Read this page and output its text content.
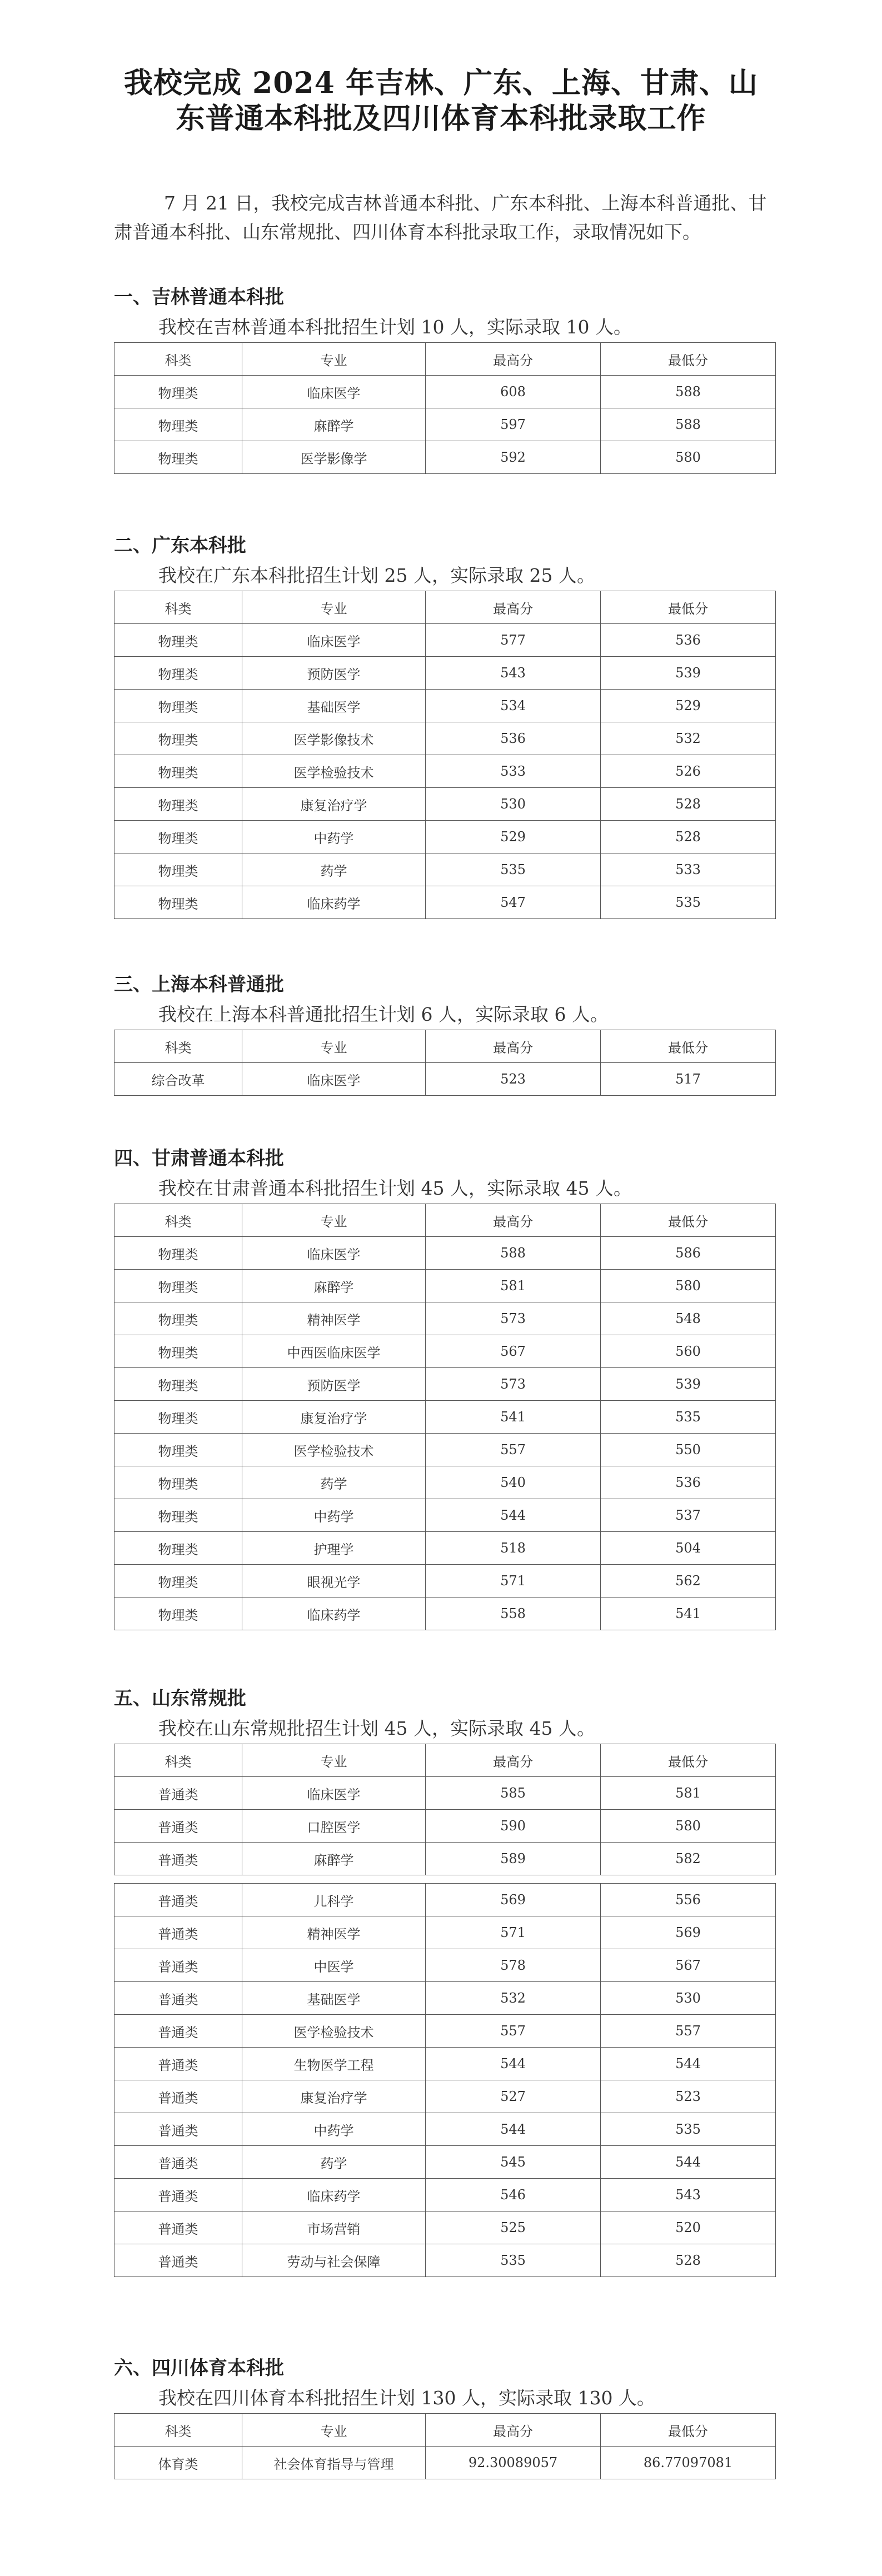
我校完成 2024 年吉林、广东、上海、甘肃、山
东普通本科批及四川体育本科批录取工作
7 月 21 日，我校完成吉林普通本科批、广东本科批、上海本科普通批、甘肃普通本科批、山东常规批、四川体育本科批录取工作，录取情况如下。
一、吉林普通本科批
我校在吉林普通本科批招生计划 10 人，实际录取 10 人。
科类	专业	最高分	最低分
物理类	临床医学	608	588
物理类	麻醉学	597	588
物理类	医学影像学	592	580
二、广东本科批
我校在广东本科批招生计划 25 人，实际录取 25 人。
科类	专业	最高分	最低分
物理类	临床医学	577	536
物理类	预防医学	543	539
物理类	基础医学	534	529
物理类	医学影像技术	536	532
物理类	医学检验技术	533	526
物理类	康复治疗学	530	528
物理类	中药学	529	528
物理类	药学	535	533
物理类	临床药学	547	535
三、上海本科普通批
我校在上海本科普通批招生计划 6 人，实际录取 6 人。
科类	专业	最高分	最低分
综合改革	临床医学	523	517
四、甘肃普通本科批
我校在甘肃普通本科批招生计划 45 人，实际录取 45 人。
科类	专业	最高分	最低分
物理类	临床医学	588	586
物理类	麻醉学	581	580
物理类	精神医学	573	548
物理类	中西医临床医学	567	560
物理类	预防医学	573	539
物理类	康复治疗学	541	535
物理类	医学检验技术	557	550
物理类	药学	540	536
物理类	中药学	544	537
物理类	护理学	518	504
物理类	眼视光学	571	562
物理类	临床药学	558	541
五、山东常规批
我校在山东常规批招生计划 45 人，实际录取 45 人。
科类	专业	最高分	最低分
普通类	临床医学	585	581
普通类	口腔医学	590	580
普通类	麻醉学	589	582

普通类	儿科学	569	556
普通类	精神医学	571	569
普通类	中医学	578	567
普通类	基础医学	532	530
普通类	医学检验技术	557	557
普通类	生物医学工程	544	544
普通类	康复治疗学	527	523
普通类	中药学	544	535
普通类	药学	545	544
普通类	临床药学	546	543
普通类	市场营销	525	520
普通类	劳动与社会保障	535	528
六、四川体育本科批
我校在四川体育本科批招生计划 130 人，实际录取 130 人。
科类	专业	最高分	最低分
体育类	社会体育指导与管理	92.30089057	86.77097081
